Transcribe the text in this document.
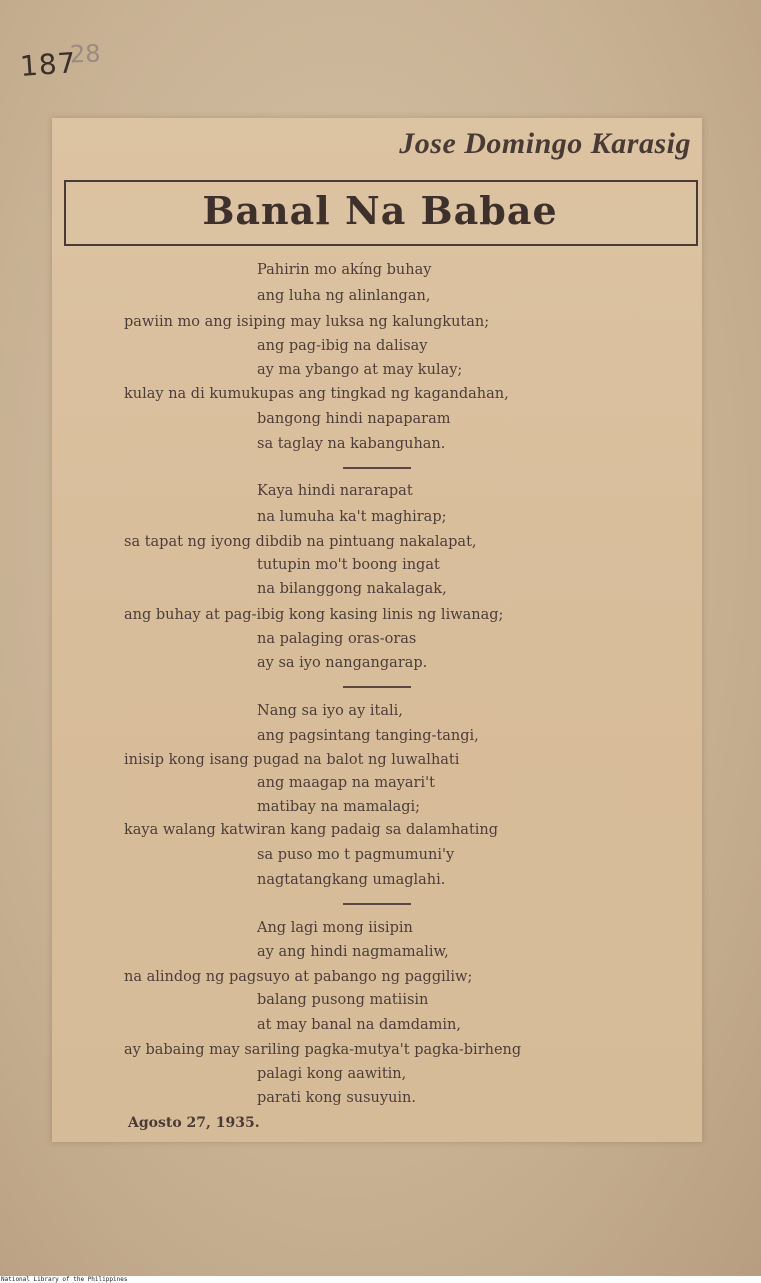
187
28
Jose Domingo Karasig
Banal Na Babae
Pahirin mo akíng buhay
ang luha ng alinlangan,
pawiin mo ang isiping may luksa ng kalungkutan;
ang pag-ibig na dalisay
ay ma ybango at may kulay;
kulay na di kumukupas ang tingkad ng kagandahan,
bangong hindi napaparam
sa taglay na kabanguhan.
Kaya hindi nararapat
na lumuha ka't maghirap;
sa tapat ng iyong dibdib na pintuang nakalapat,
tutupin mo't boong ingat
na bilanggong nakalagak,
ang buhay at pag-ibig kong kasing linis ng liwanag;
na palaging oras-oras
ay sa iyo nangangarap.
Nang sa iyo ay itali,
ang pagsintang tanging-tangi,
inisip kong isang pugad na balot ng luwalhati
ang maagap na mayari't
matibay na mamalagi;
kaya walang katwiran kang padaig sa dalamhating
sa puso mo t pagmumuni'y
nagtatangkang umaglahi.
Ang lagi mong iisipin
ay ang hindi nagmamaliw,
na alindog ng pagsuyo at pabango ng paggiliw;
balang pusong matiisin
at may banal na damdamin,
ay babaing may sariling pagka-mutya't pagka-birheng
palagi kong aawitin,
parati kong susuyuin.
Agosto 27, 1935.
National Library of the Philippines
